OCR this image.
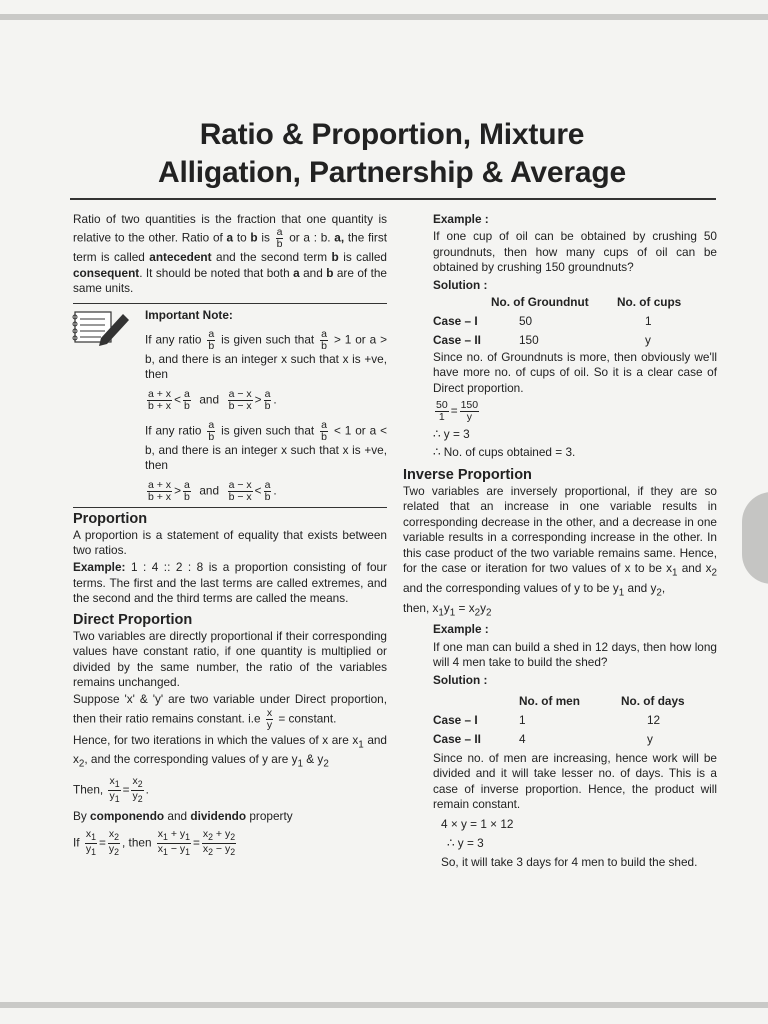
Ratio & Proportion, Mixture
Alligation, Partnership & Average

Ratio of two quantities is the fraction that one quantity is relative to the other. Ratio of a to b is $\frac{a}{b}$ or a : b. a, the first term is called antecedent and the second term b is called consequent. It should be noted that both a and b are of the same units.

Important Note:

If any ratio $\frac{a}{b}$ is given such that $\frac{a}{b} > 1$ or a > b, and there is an integer x such that x is +ve, then

$\frac{a + x}{b + x} < \frac{a}{b}$ and $\frac{a - x}{b - x} > \frac{a}{b}$ .

If any ratio $\frac{a}{b}$ is given such that $\frac{a}{b} < 1$ or a < b, and there is an integer x such that x is +ve, then

$\frac{a + x}{b + x} > \frac{a}{b}$ and $\frac{a - x}{b - x} < \frac{a}{b}$ .

Proportion

A proportion is a statement of equality that exists between two ratios.

Example: 1 : 4 :: 2 : 8 is a proportion consisting of four terms. The first and the last terms are called extremes, and the second and the third terms are called the means.

Direct Proportion

Two variables are directly proportional if their corresponding values have constant ratio, if one quantity is multiplied or divided by the same number, the ratio of the variables remains unchanged.

Suppose 'x' & 'y' are two variable under Direct proportion, then their ratio remains constant. $i.e \frac{x}{y}$ = constant.

Hence, for two iterations in which the values of x are $x_1$ and $x_2$, and the corresponding values of y are $y_1$ & $y_2$

Then, $\frac{x_1}{y_1} = \frac{x_2}{y_2}$ .

By componendo and dividendo property

If $\frac{x_1}{y_1} = \frac{x_2}{y_2}$ , then $\frac{x_1 + y_1}{x_1 - y_1} = \frac{x_2 + y_2}{x_2 - y_2}$

Example :

If one cup of oil can be obtained by crushing 50 groundnuts, then how many cups of oil can be obtained by crushing 150 groundnuts?

Solution :

	No. of Groundnut	No. of cups
Case – I	50	1
Case – II	150	y

Since no. of Groundnuts is more, then obviously we'll have more no. of cups of oil. So it is a clear case of Direct proportion.

$\frac{50}{1} = \frac{150}{y}$

∴ y = 3

∴ No. of cups obtained = 3.

Inverse Proportion

Two variables are inversely proportional, if they are so related that an increase in one variable results in corresponding decrease in the other, and a decrease in one variable results in a corresponding increase in the other. In this case product of the two variable remains same. Hence, for the case or iteration for two values of x to be $x_1$ and $x_2$ and the corresponding values of y to be $y_1$ and $y_2$,

then, $x_1y_1 = x_2y_2$

Example :

If one man can build a shed in 12 days, then how long will 4 men take to build the shed?

Solution :

	No. of men	No. of days
Case – I	1	12
Case – II	4	y

Since no. of men are increasing, hence work will be divided and it will take lesser no. of days. This is a case of inverse proportion. Hence, the product will remain constant.

4 × y = 1 × 12

∴ y = 3

So, it will take 3 days for 4 men to build the shed.
